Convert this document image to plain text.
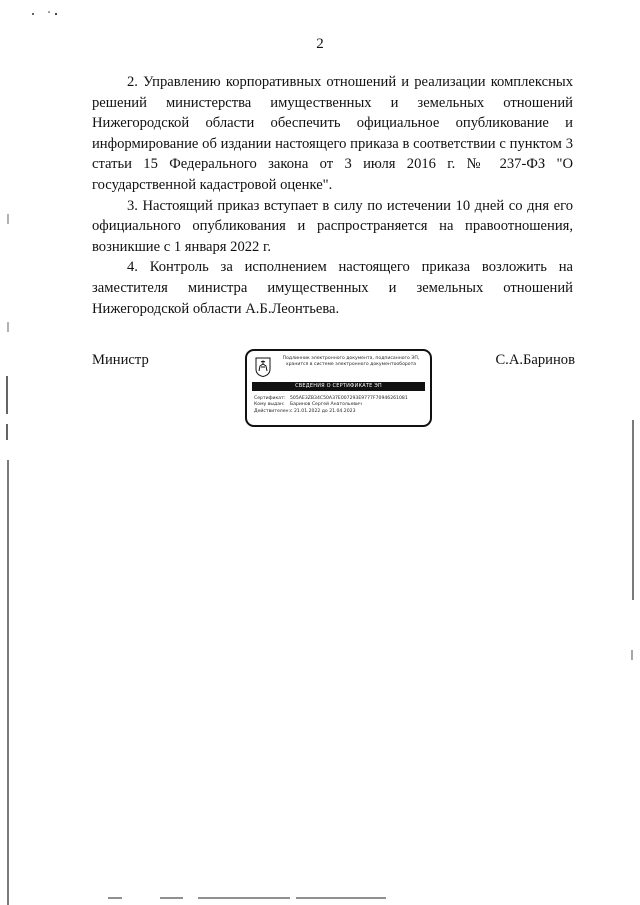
2

2. Управлению корпоративных отношений и реализации комплексных решений министерства имущественных и земельных отношений Нижегородской области обеспечить официальное опубликование и информирование об издании настоящего приказа в соответствии с пунктом 3 статьи 15 Федерального закона от 3 июля 2016 г. № 237-ФЗ "О государственной кадастровой оценке".

3. Настоящий приказ вступает в силу по истечении 10 дней со дня его официального опубликования и распространяется на правоотношения, возникшие с 1 января 2022 г.

4. Контроль за исполнением настоящего приказа возложить на заместителя министра имущественных и земельных отношений Нижегородской области А.Б.Леонтьева.

Министр	Подлинник электронного документа, подписанного ЭП,
хранится в системе электронного документооборота
СВЕДЕНИЯ О СЕРТИФИКАТЕ ЭП
Сертификат: 505AE3ZB34C50A37E007293E9777F70946261081
Кому выдан: Баринов Сергей Анатольевич
Действителен:с 21.01.2022 до 21.04.2023
С.А.Баринов
